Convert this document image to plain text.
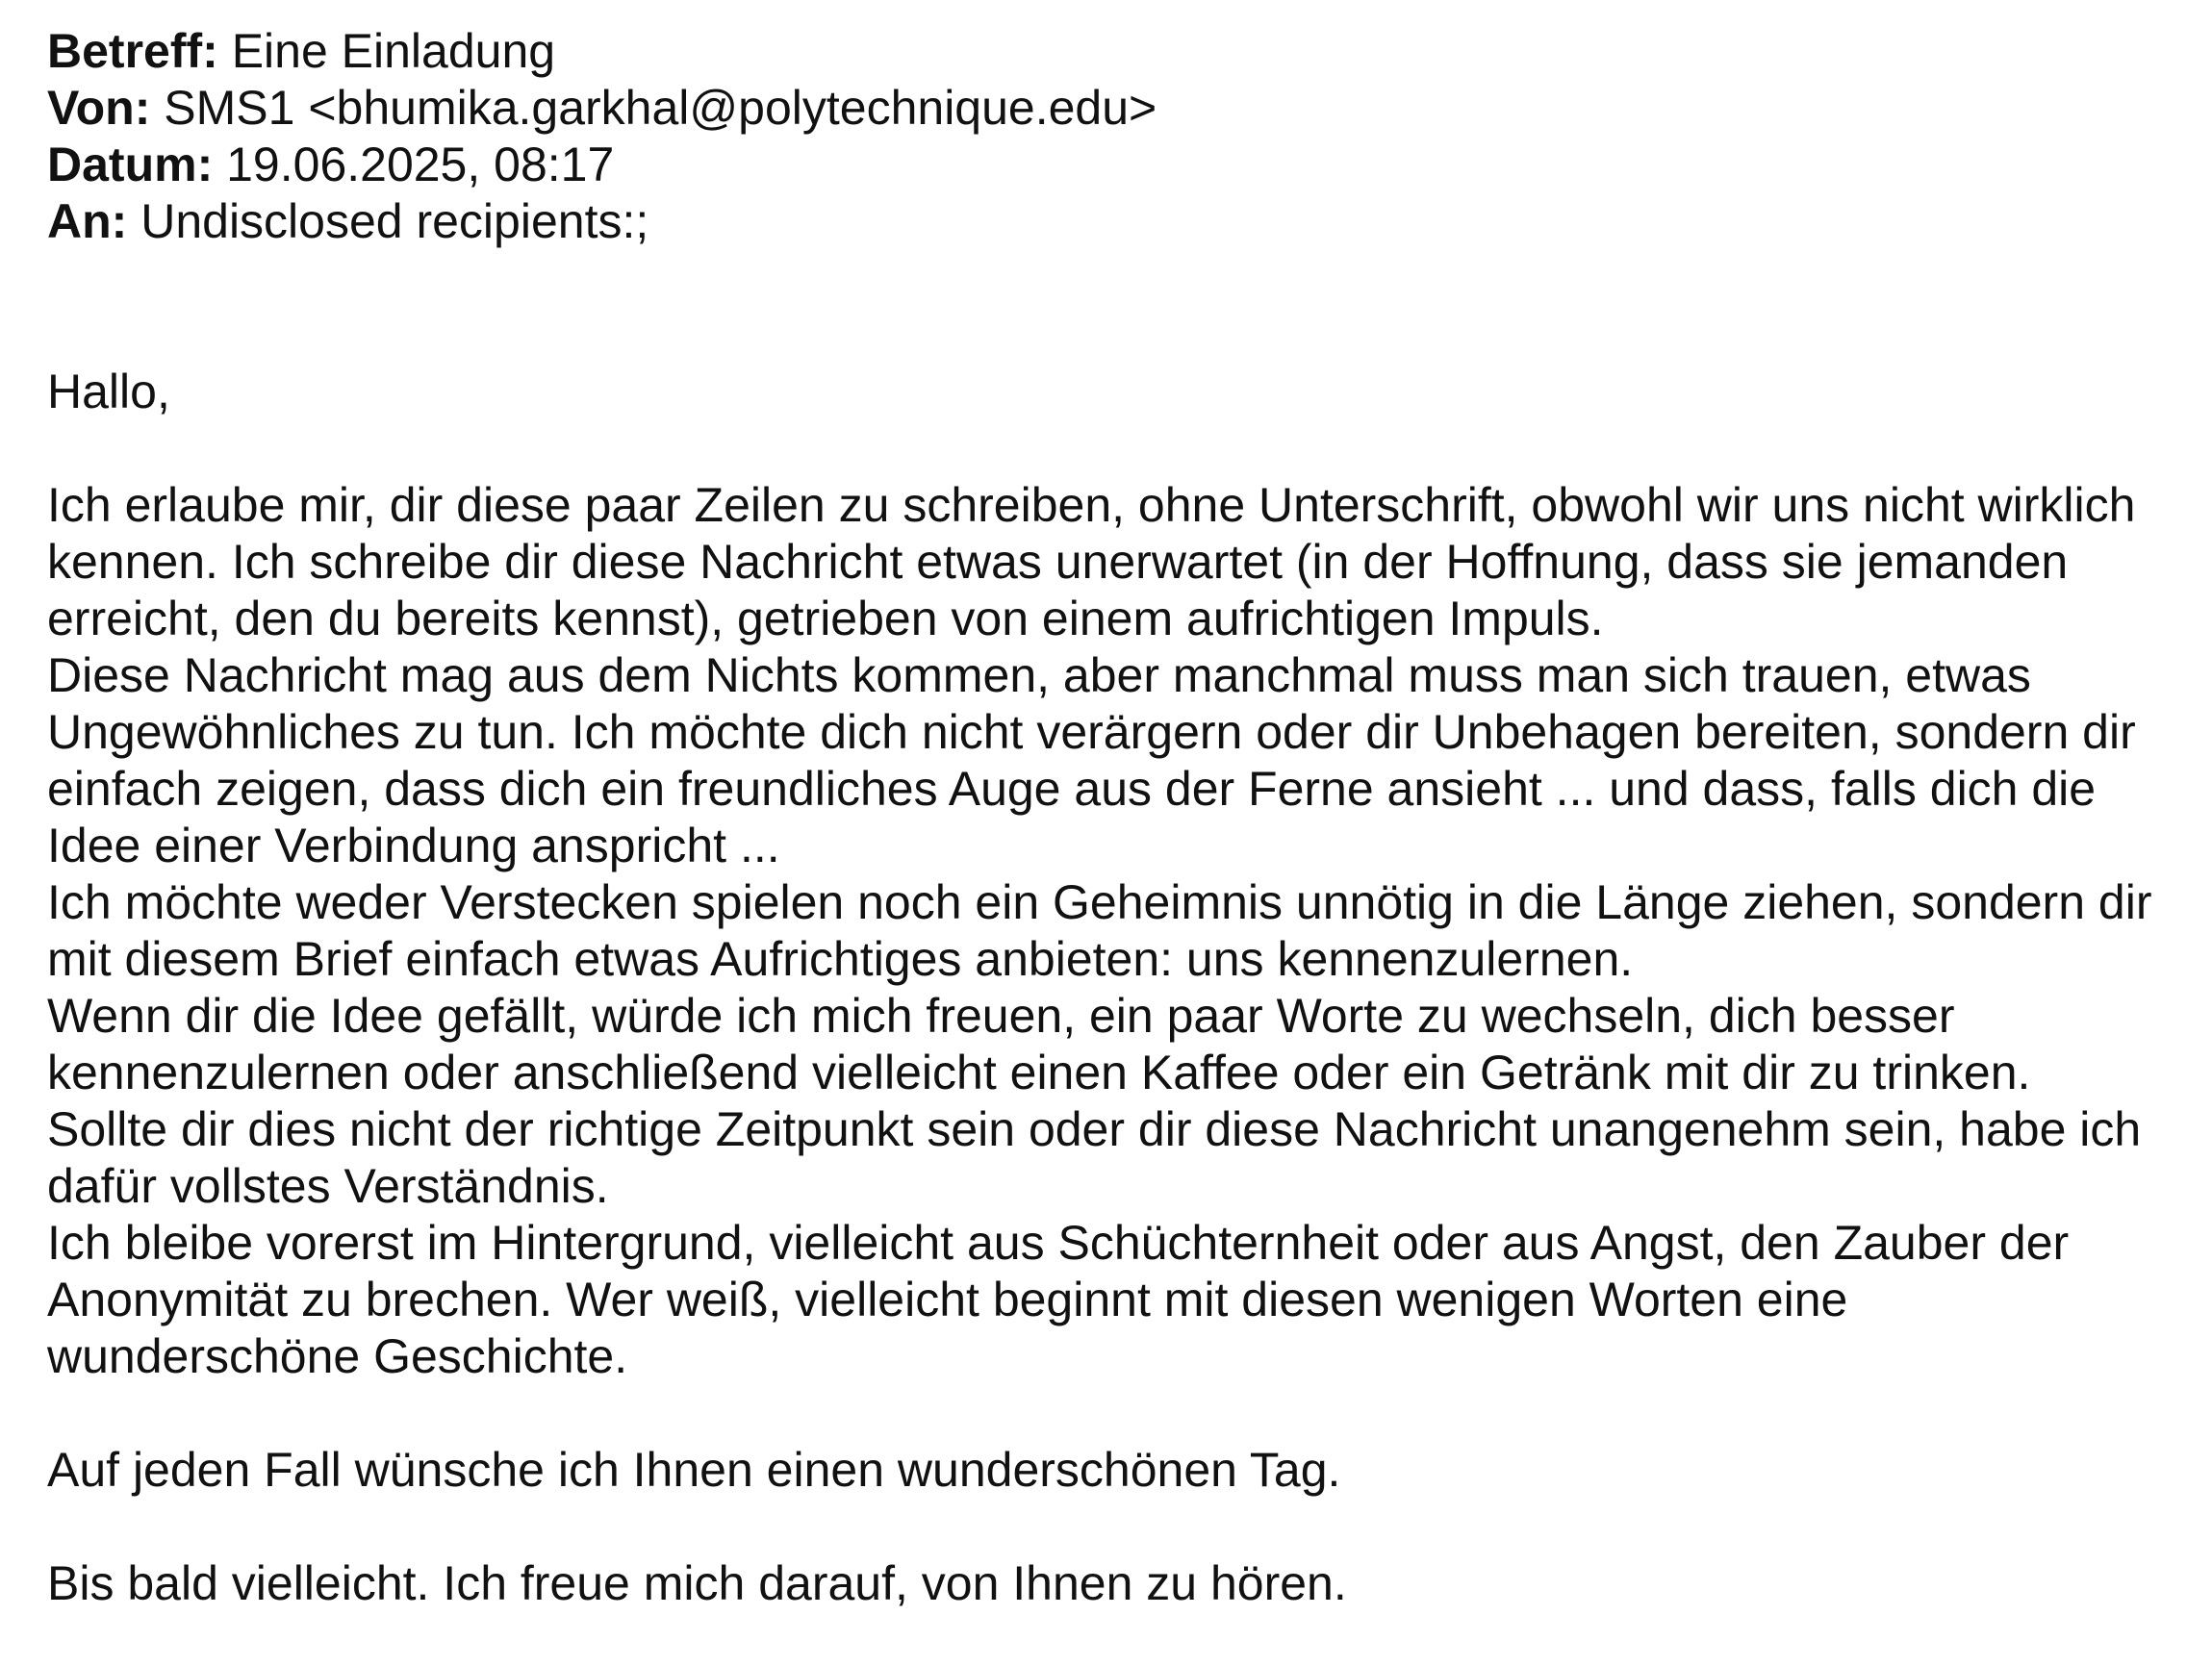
Betreff: Eine Einladung
Von: SMS1 <bhumika.garkhal@polytechnique.edu>
Datum: 19.06.2025, 08:17
An: Undisclosed recipients:;
Hallo,
Ich erlaube mir, dir diese paar Zeilen zu schreiben, ohne Unterschrift, obwohl wir uns nicht wirklich
kennen. Ich schreibe dir diese Nachricht etwas unerwartet (in der Hoffnung, dass sie jemanden
erreicht, den du bereits kennst), getrieben von einem aufrichtigen Impuls.
Diese Nachricht mag aus dem Nichts kommen, aber manchmal muss man sich trauen, etwas
Ungewöhnliches zu tun. Ich möchte dich nicht verärgern oder dir Unbehagen bereiten, sondern dir
einfach zeigen, dass dich ein freundliches Auge aus der Ferne ansieht ... und dass, falls dich die
Idee einer Verbindung anspricht ...
Ich möchte weder Verstecken spielen noch ein Geheimnis unnötig in die Länge ziehen, sondern dir
mit diesem Brief einfach etwas Aufrichtiges anbieten: uns kennenzulernen.
Wenn dir die Idee gefällt, würde ich mich freuen, ein paar Worte zu wechseln, dich besser
kennenzulernen oder anschließend vielleicht einen Kaffee oder ein Getränk mit dir zu trinken.
Sollte dir dies nicht der richtige Zeitpunkt sein oder dir diese Nachricht unangenehm sein, habe ich
dafür vollstes Verständnis.
Ich bleibe vorerst im Hintergrund, vielleicht aus Schüchternheit oder aus Angst, den Zauber der
Anonymität zu brechen. Wer weiß, vielleicht beginnt mit diesen wenigen Worten eine
wunderschöne Geschichte.
Auf jeden Fall wünsche ich Ihnen einen wunderschönen Tag.
Bis bald vielleicht. Ich freue mich darauf, von Ihnen zu hören.
